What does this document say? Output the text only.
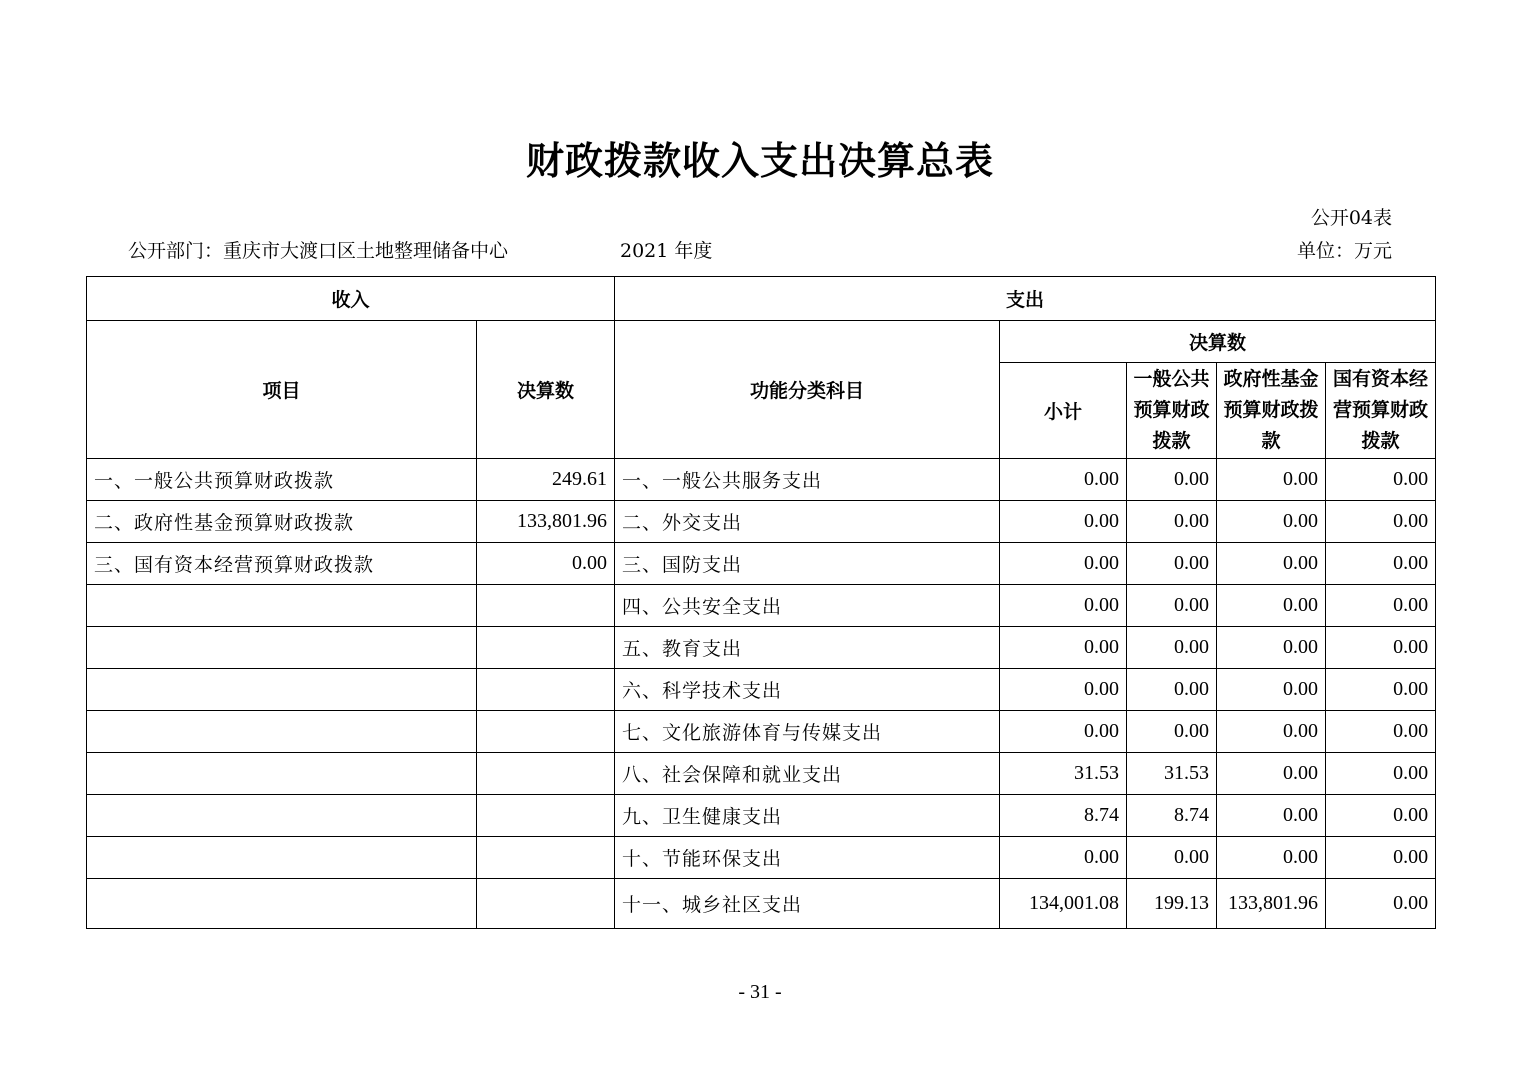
财政拨款收入支出决算总表
公开04表
公开部门：重庆市大渡口区土地整理储备中心	2021 年度	单位：万元
收入		支出				
项目	决算数	功能分类科目	决算数			
			小计	一般公共预算财政拨款	政府性基金预算财政拨款	国有资本经营预算财政拨款
一、一般公共预算财政拨款	249.61	一、一般公共服务支出	0.00	0.00	0.00	0.00
二、政府性基金预算财政拨款	133,801.96	二、外交支出	0.00	0.00	0.00	0.00
三、国有资本经营预算财政拨款	0.00	三、国防支出	0.00	0.00	0.00	0.00
		四、公共安全支出	0.00	0.00	0.00	0.00
		五、教育支出	0.00	0.00	0.00	0.00
		六、科学技术支出	0.00	0.00	0.00	0.00
		七、文化旅游体育与传媒支出	0.00	0.00	0.00	0.00
		八、社会保障和就业支出	31.53	31.53	0.00	0.00
		九、卫生健康支出	8.74	8.74	0.00	0.00
		十、节能环保支出	0.00	0.00	0.00	0.00
		十一、城乡社区支出	134,001.08	199.13	133,801.96	0.00
- 31 -
